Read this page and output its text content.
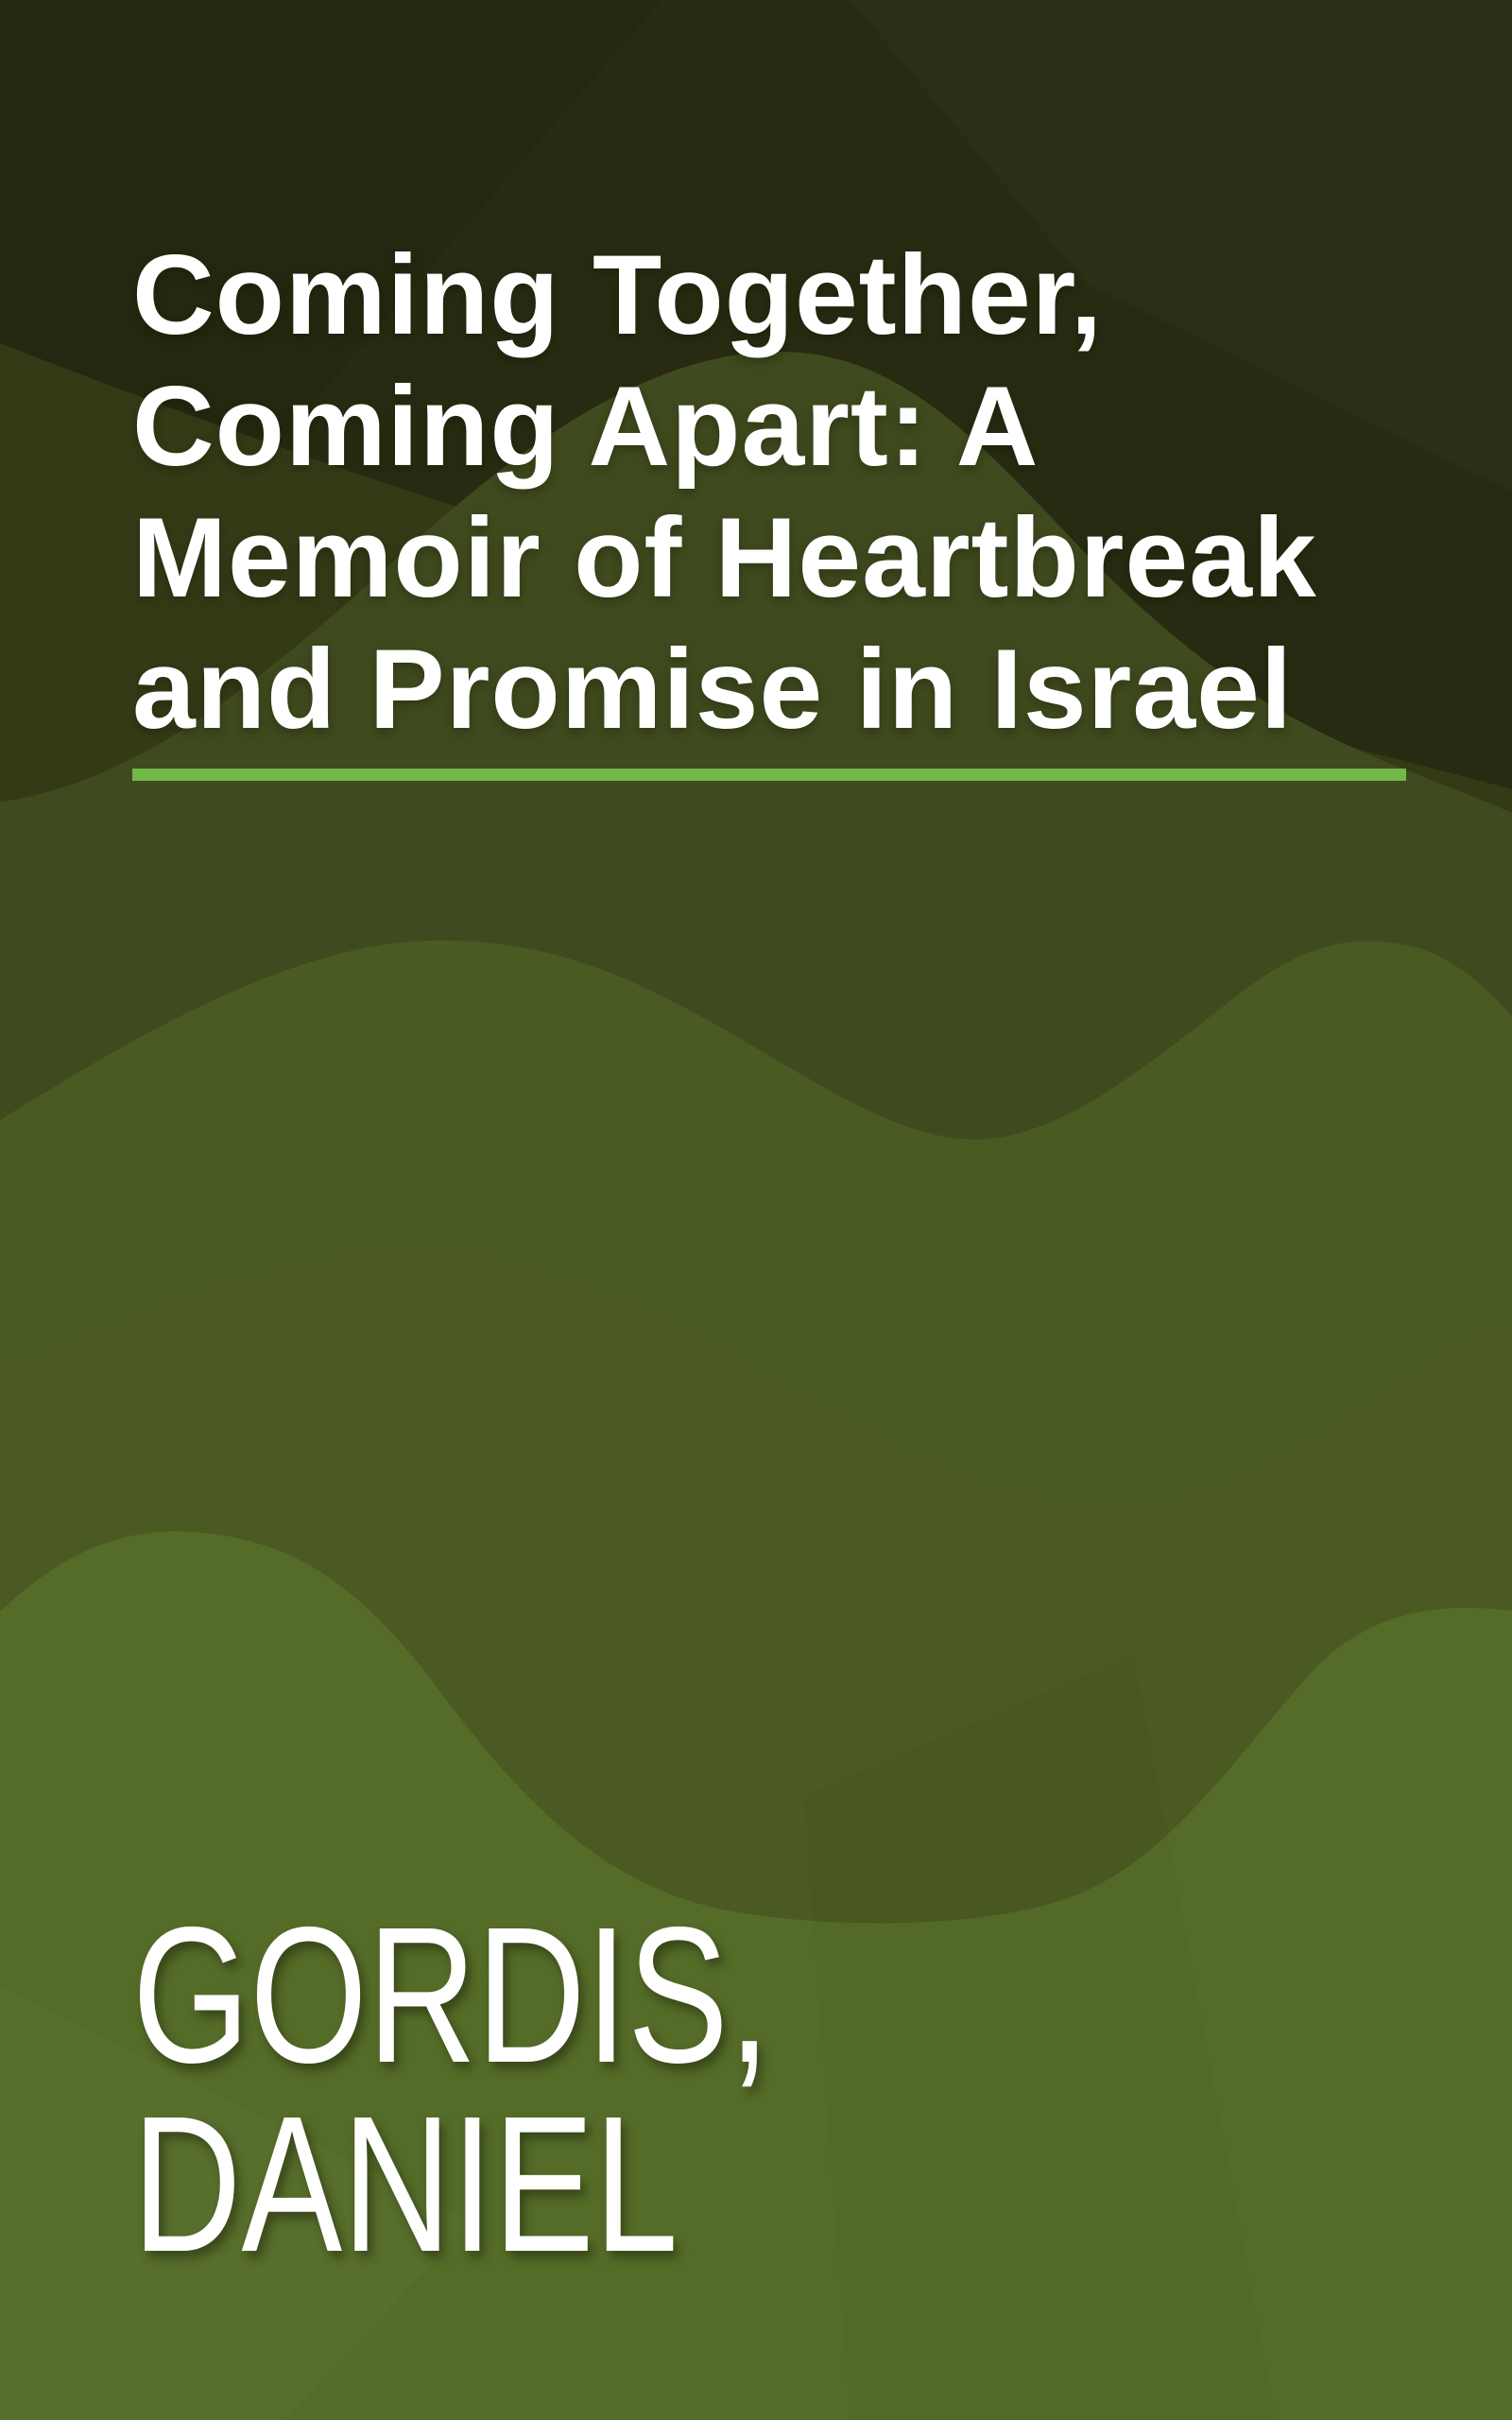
Coming Together,
Coming Apart: A
Memoir of Heartbreak
and Promise in Israel
GORDIS,
DANIEL
